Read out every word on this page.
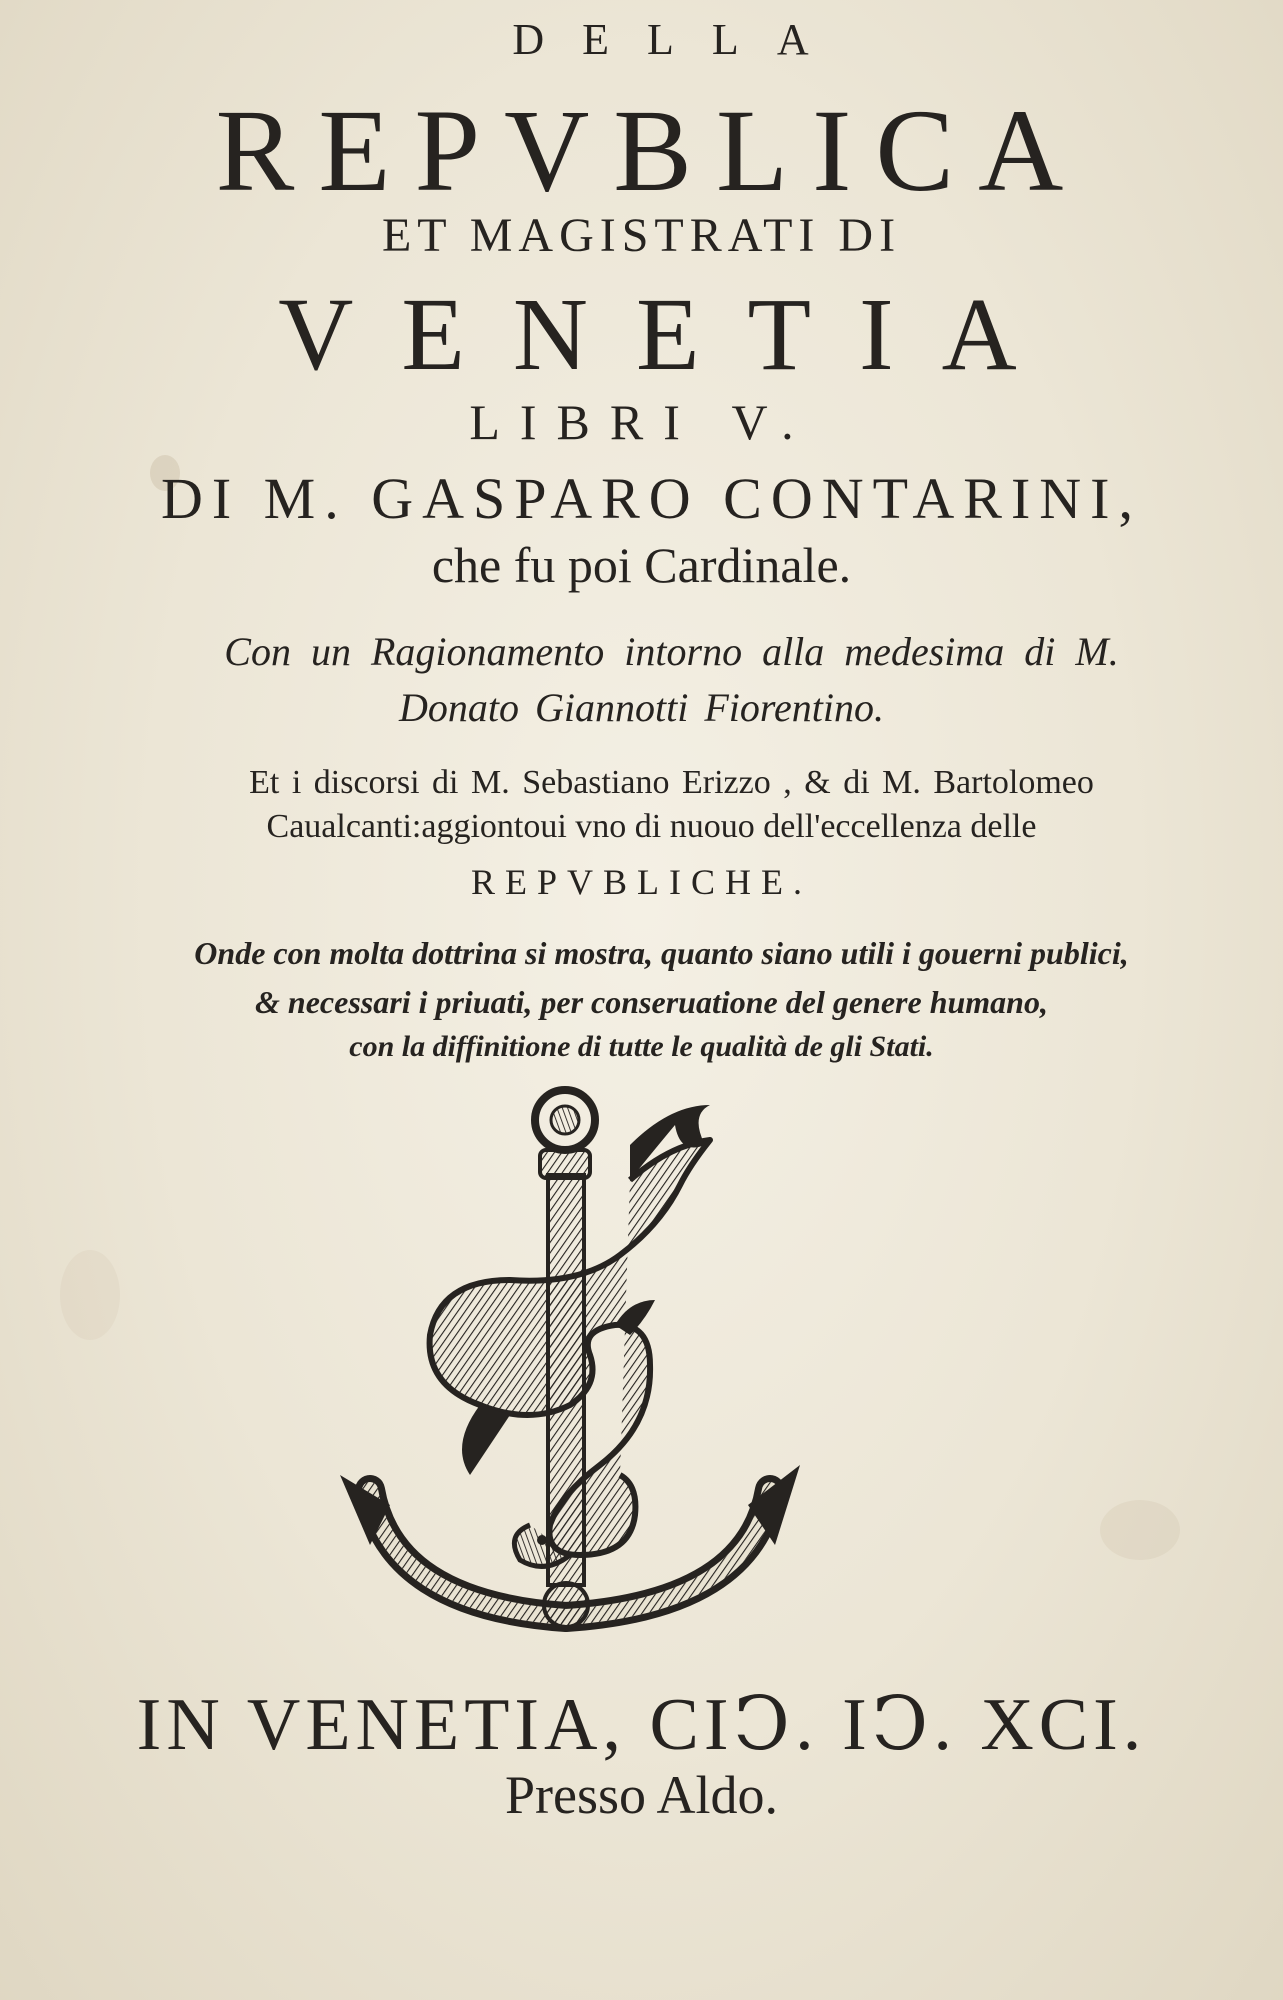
DELLA
REPVBLICA
ET MAGISTRATI DI
VENETIA
LIBRI V.
DI M. GASPARO CONTARINI,
che fu poi Cardinale.
Con un Ragionamento intorno alla medesima di M.
Donato Giannotti Fiorentino.
Et i discorsi di M. Sebastiano Erizzo , & di M. Bartolomeo
Caualcanti:aggiontoui vno di nuouo dell'eccellenza delle
REPVBLICHE.
Onde con molta dottrina si mostra, quanto siano utili i gouerni publici,
& necessari i priuati, per conseruatione del genere humano,
con la diffinitione di tutte le qualità de gli Stati.
IN VENETIA, CIↃ. IↃ. XCI.
Presso Aldo.
